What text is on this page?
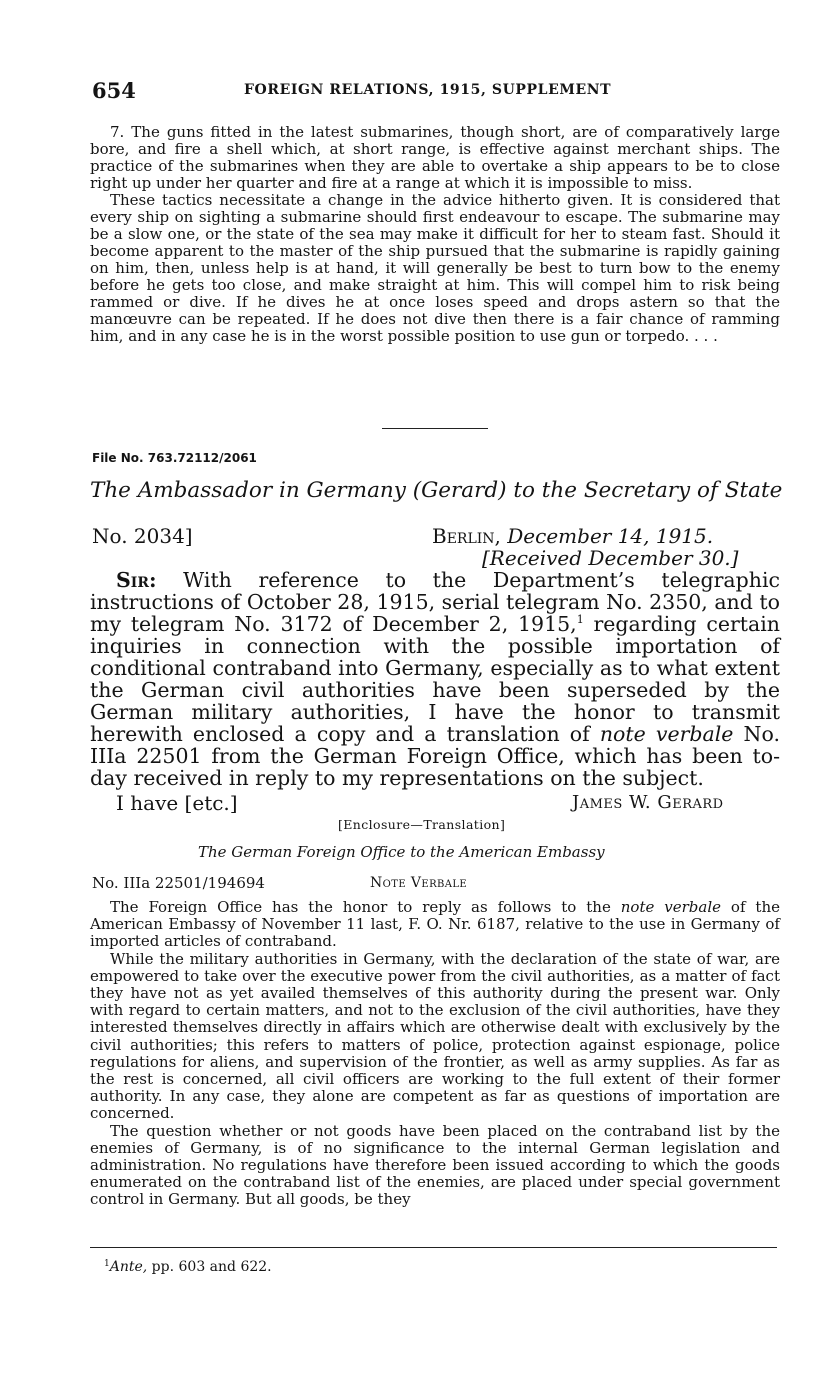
654	FOREIGN RELATIONS, 1915, SUPPLEMENT

7. The guns fitted in the latest submarines, though short, are of comparatively large bore, and fire a shell which, at short range, is effective against merchant ships. The practice of the submarines when they are able to overtake a ship appears to be to close right up under her quarter and fire at a range at which it is impossible to miss.

These tactics necessitate a change in the advice hitherto given. It is considered that every ship on sighting a submarine should first endeavour to escape. The submarine may be a slow one, or the state of the sea may make it difficult for her to steam fast. Should it become apparent to the master of the ship pursued that the submarine is rapidly gaining on him, then, unless help is at hand, it will generally be best to turn bow to the enemy before he gets too close, and make straight at him. This will compel him to risk being rammed or dive. If he dives he at once loses speed and drops astern so that the manœuvre can be repeated. If he does not dive then there is a fair chance of ramming him, and in any case he is in the worst possible position to use gun or torpedo. . . .

File No. 763.72112/2061
The Ambassador in Germany (Gerard) to the Secretary of State
No. 2034]	Berlin, December 14, 1915.
[Received December 30.]

Sir: With reference to the Department’s telegraphic instructions of October 28, 1915, serial telegram No. 2350, and to my telegram No. 3172 of December 2, 1915,$^1$ regarding certain inquiries in connection with the possible importation of conditional contraband into Germany, especially as to what extent the German civil authorities have been superseded by the German military authorities, I have the honor to transmit herewith enclosed a copy and a translation of note verbale No. IIIa 22501 from the German Foreign Office, which has been to-day received in reply to my representations on the subject.

I have [etc.]	James W. Gerard
[Enclosure—Translation]
The German Foreign Office to the American Embassy
No. IIIa 22501/194694	Note Verbale

The Foreign Office has the honor to reply as follows to the note verbale of the American Embassy of November 11 last, F. O. Nr. 6187, relative to the use in Germany of imported articles of contraband.

While the military authorities in Germany, with the declaration of the state of war, are empowered to take over the executive power from the civil authorities, as a matter of fact they have not as yet availed themselves of this authority during the present war. Only with regard to certain matters, and not to the exclusion of the civil authorities, have they interested themselves directly in affairs which are otherwise dealt with exclusively by the civil authorities; this refers to matters of police, protection against espionage, police regulations for aliens, and supervision of the frontier, as well as army supplies. As far as the rest is concerned, all civil officers are working to the full extent of their former authority. In any case, they alone are competent as far as questions of importation are concerned.

The question whether or not goods have been placed on the contraband list by the enemies of Germany, is of no significance to the internal German legislation and administration. No regulations have therefore been issued according to which the goods enumerated on the contraband list of the enemies, are placed under special government control in Germany. But all goods, be they

$^1$Ante, pp. 603 and 622.
